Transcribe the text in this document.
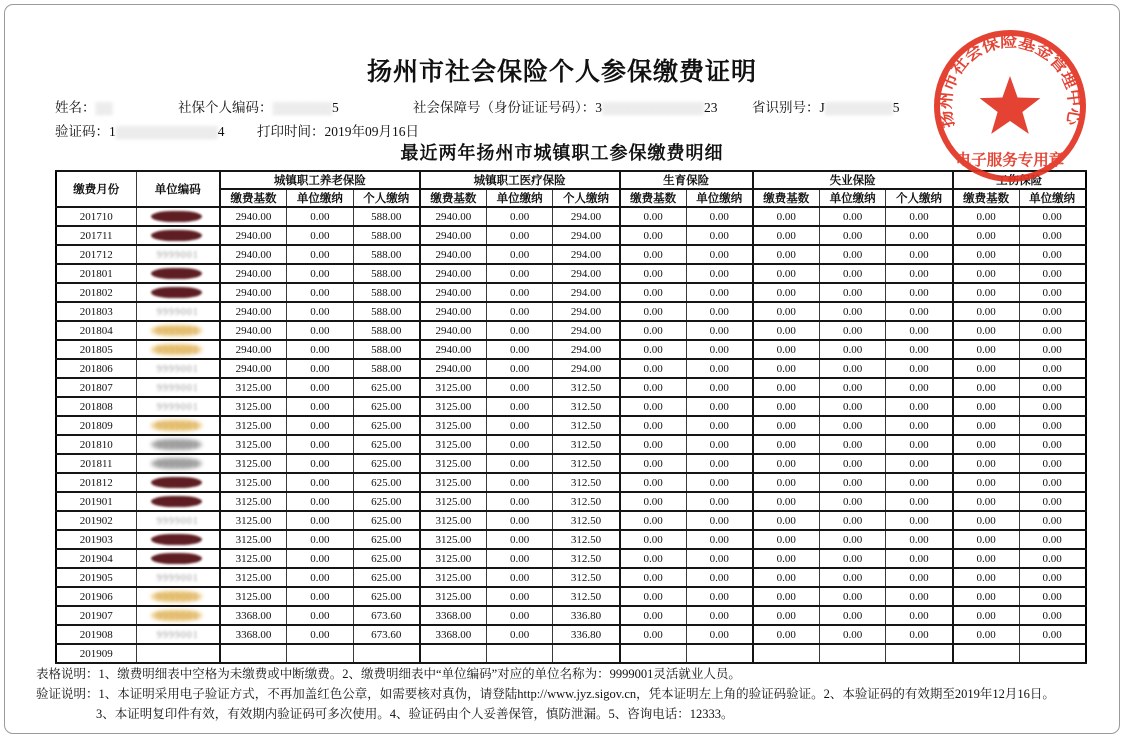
扬州市社会保险个人参保缴费证明
姓名：▒▒	社保个人编码：▒▒▒▒▒▒▒5	社会保障号（身份证证号码）：3▒▒▒▒▒▒▒▒▒▒▒▒23	省识别号：J▒▒▒▒▒▒▒▒5
验证码：1▒▒▒▒▒▒▒▒▒▒▒▒4 打印时间：2019年09月16日
最近两年扬州市城镇职工参保缴费明细
缴费月份	单位编码	城镇职工养老保险			城镇职工医疗保险			生育保险		失业保险			工伤保险	
		缴费基数	单位缴纳	个人缴纳	缴费基数	单位缴纳	个人缴纳	缴费基数	单位缴纳	缴费基数	单位缴纳	个人缴纳	缴费基数	单位缴纳
201710		2940.00	0.00	588.00	2940.00	0.00	294.00	0.00	0.00	0.00	0.00	0.00	0.00	0.00
201711		2940.00	0.00	588.00	2940.00	0.00	294.00	0.00	0.00	0.00	0.00	0.00	0.00	0.00
201712	9999001	2940.00	0.00	588.00	2940.00	0.00	294.00	0.00	0.00	0.00	0.00	0.00	0.00	0.00
201801		2940.00	0.00	588.00	2940.00	0.00	294.00	0.00	0.00	0.00	0.00	0.00	0.00	0.00
201802		2940.00	0.00	588.00	2940.00	0.00	294.00	0.00	0.00	0.00	0.00	0.00	0.00	0.00
201803	9999001	2940.00	0.00	588.00	2940.00	0.00	294.00	0.00	0.00	0.00	0.00	0.00	0.00	0.00
201804		2940.00	0.00	588.00	2940.00	0.00	294.00	0.00	0.00	0.00	0.00	0.00	0.00	0.00
201805		2940.00	0.00	588.00	2940.00	0.00	294.00	0.00	0.00	0.00	0.00	0.00	0.00	0.00
201806	9999001	2940.00	0.00	588.00	2940.00	0.00	294.00	0.00	0.00	0.00	0.00	0.00	0.00	0.00
201807	9999001	3125.00	0.00	625.00	3125.00	0.00	312.50	0.00	0.00	0.00	0.00	0.00	0.00	0.00
201808	9999001	3125.00	0.00	625.00	3125.00	0.00	312.50	0.00	0.00	0.00	0.00	0.00	0.00	0.00
201809		3125.00	0.00	625.00	3125.00	0.00	312.50	0.00	0.00	0.00	0.00	0.00	0.00	0.00
201810		3125.00	0.00	625.00	3125.00	0.00	312.50	0.00	0.00	0.00	0.00	0.00	0.00	0.00
201811		3125.00	0.00	625.00	3125.00	0.00	312.50	0.00	0.00	0.00	0.00	0.00	0.00	0.00
201812		3125.00	0.00	625.00	3125.00	0.00	312.50	0.00	0.00	0.00	0.00	0.00	0.00	0.00
201901		3125.00	0.00	625.00	3125.00	0.00	312.50	0.00	0.00	0.00	0.00	0.00	0.00	0.00
201902	9999001	3125.00	0.00	625.00	3125.00	0.00	312.50	0.00	0.00	0.00	0.00	0.00	0.00	0.00
201903		3125.00	0.00	625.00	3125.00	0.00	312.50	0.00	0.00	0.00	0.00	0.00	0.00	0.00
201904		3125.00	0.00	625.00	3125.00	0.00	312.50	0.00	0.00	0.00	0.00	0.00	0.00	0.00
201905	9999001	3125.00	0.00	625.00	3125.00	0.00	312.50	0.00	0.00	0.00	0.00	0.00	0.00	0.00
201906		3125.00	0.00	625.00	3125.00	0.00	312.50	0.00	0.00	0.00	0.00	0.00	0.00	0.00
201907		3368.00	0.00	673.60	3368.00	0.00	336.80	0.00	0.00	0.00	0.00	0.00	0.00	0.00
201908	9999001	3368.00	0.00	673.60	3368.00	0.00	336.80	0.00	0.00	0.00	0.00	0.00	0.00	0.00
201909														
表格说明：1、缴费明细表中空格为未缴费或中断缴费。2、缴费明细表中“单位编码”对应的单位名称为：9999001灵活就业人员。
验证说明：1、本证明采用电子验证方式，不再加盖红色公章，如需要核对真伪，请登陆http://www.jyz.sigov.cn，凭本证明左上角的验证码验证。2、本验证码的有效期至2019年12月16日。
3、本证明复印件有效，有效期内验证码可多次使用。4、验证码由个人妥善保管，慎防泄漏。5、咨询电话：12333。
扬州市社会保险基金管理中心
电子服务专用章
